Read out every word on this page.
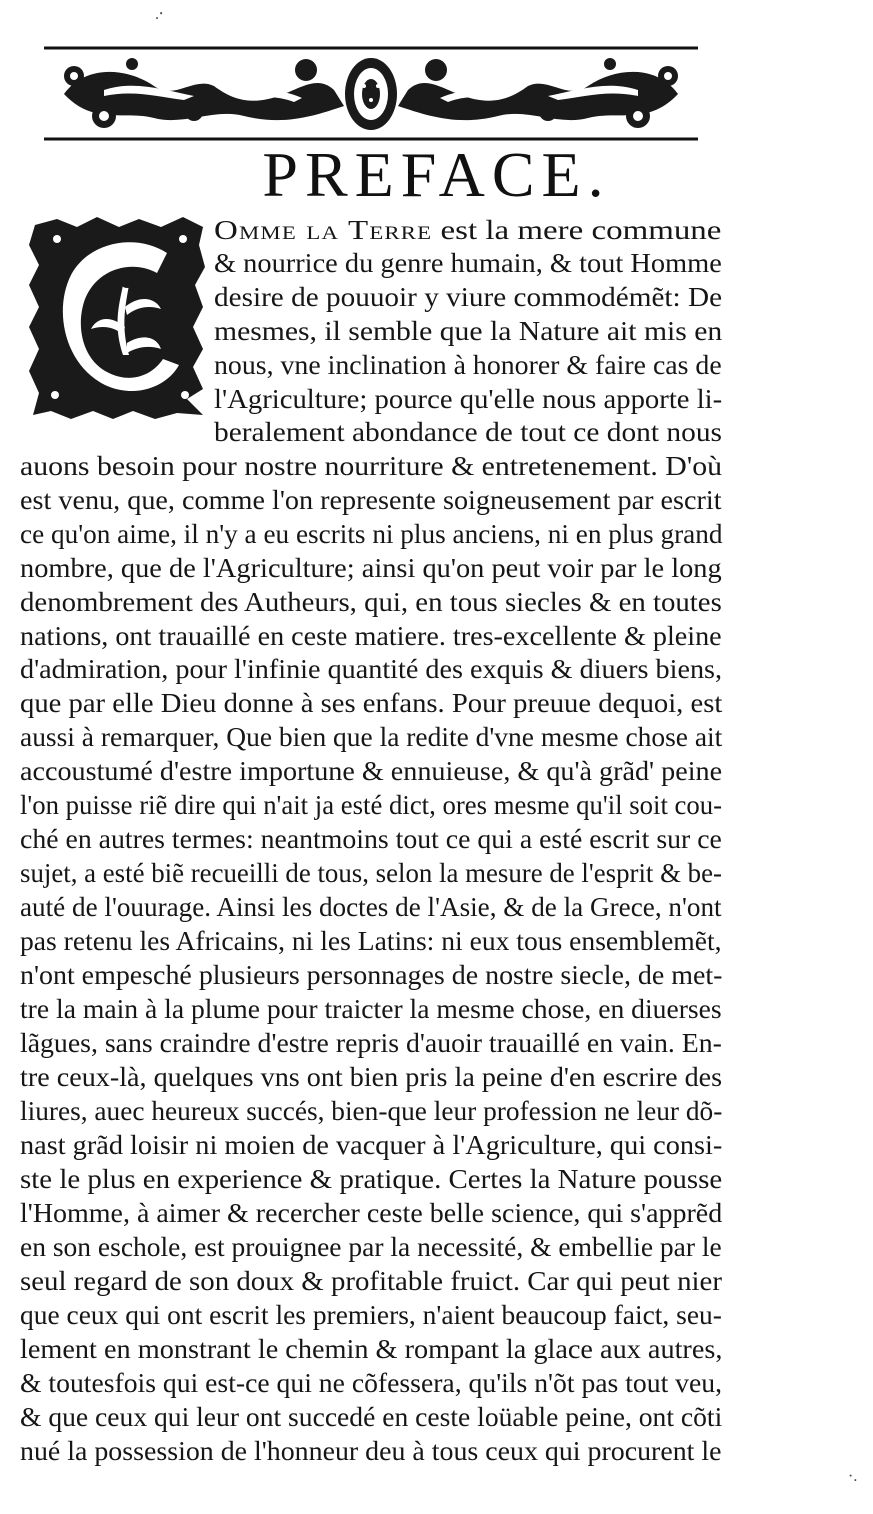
PREFACE.
.⸱
·.
Omme la Terre est la mere commune
& nourrice du genre humain, & tout Homme
desire de pouuoir y viure commodémẽt: De
mesmes, il semble que la Nature ait mis en
nous, vne inclination à honorer & faire cas de
l'Agriculture; pource qu'elle nous apporte li-
beralement abondance de tout ce dont nous
auons besoin pour nostre nourriture & entretenement. D'où
est venu, que, comme l'on represente soigneusement par escrit
ce qu'on aime, il n'y a eu escrits ni plus anciens, ni en plus grand
nombre, que de l'Agriculture; ainsi qu'on peut voir par le long
denombrement des Autheurs, qui, en tous siecles & en toutes
nations, ont trauaillé en ceste matiere. tres-excellente & pleine
d'admiration, pour l'infinie quantité des exquis & diuers biens,
que par elle Dieu donne à ses enfans. Pour preuue dequoi, est
aussi à remarquer, Que bien que la redite d'vne mesme chose ait
accoustumé d'estre importune & ennuieuse, & qu'à grãd' peine
l'on puisse riẽ dire qui n'ait ja esté dict, ores mesme qu'il soit cou-
ché en autres termes: neantmoins tout ce qui a esté escrit sur ce
sujet, a esté biẽ recueilli de tous, selon la mesure de l'esprit & be-
auté de l'ouurage. Ainsi les doctes de l'Asie, & de la Grece, n'ont
pas retenu les Africains, ni les Latins: ni eux tous ensemblemẽt,
n'ont empesché plusieurs personnages de nostre siecle, de met-
tre la main à la plume pour traicter la mesme chose, en diuerses
lãgues, sans craindre d'estre repris d'auoir trauaillé en vain. En-
tre ceux-là, quelques vns ont bien pris la peine d'en escrire des
liures, auec heureux succés, bien-que leur profession ne leur dõ-
nast grãd loisir ni moien de vacquer à l'Agriculture, qui consi-
ste le plus en experience & pratique. Certes la Nature pousse
l'Homme, à aimer & recercher ceste belle science, qui s'apprẽd
en son eschole, est prouignee par la necessité, & embellie par le
seul regard de son doux & profitable fruict. Car qui peut nier
que ceux qui ont escrit les premiers, n'aient beaucoup faict, seu-
lement en monstrant le chemin & rompant la glace aux autres,
& toutesfois qui est-ce qui ne cõfessera, qu'ils n'õt pas tout veu,
& que ceux qui leur ont succedé en ceste loüable peine, ont cõti
nué la possession de l'honneur deu à tous ceux qui procurent le
